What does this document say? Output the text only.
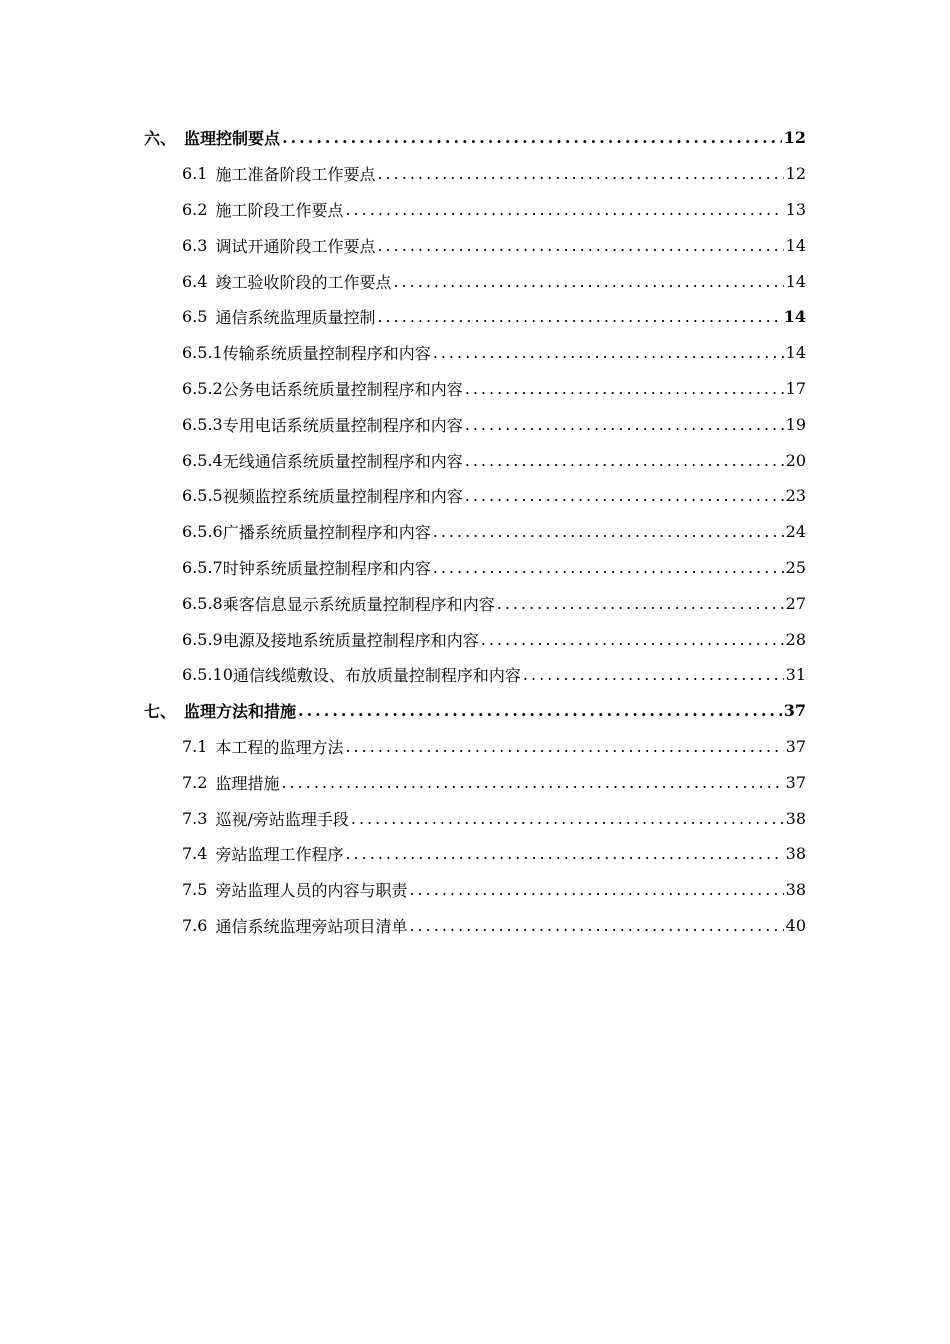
六、 监理控制要点 .....	12
6.1 施工准备阶段工作要点 .....	12
6.2 施工阶段工作要点 .....	13
6.3 调试开通阶段工作要点 .....	14
6.4 竣工验收阶段的工作要点 .....	14
6.5 通信系统监理质量控制 .....	14
6.5.1 传输系统质量控制程序和内容 .....	14
6.5.2 公务电话系统质量控制程序和内容 .....	17
6.5.3 专用电话系统质量控制程序和内容 .....	19
6.5.4 无线通信系统质量控制程序和内容 .....	20
6.5.5 视频监控系统质量控制程序和内容 .....	23
6.5.6 广播系统质量控制程序和内容 .....	24
6.5.7 时钟系统质量控制程序和内容 .....	25
6.5.8 乘客信息显示系统质量控制程序和内容 .....	27
6.5.9 电源及接地系统质量控制程序和内容 .....	28
6.5.10 通信线缆敷设、布放质量控制程序和内容 .....	31
七、 监理方法和措施 .....	37
7.1 本工程的监理方法 .....	37
7.2 监理措施 .....	37
7.3 巡视/旁站监理手段 .....	38
7.4 旁站监理工作程序 .....	38
7.5 旁站监理人员的内容与职责 .....	38
7.6 通信系统监理旁站项目清单 .....	40
